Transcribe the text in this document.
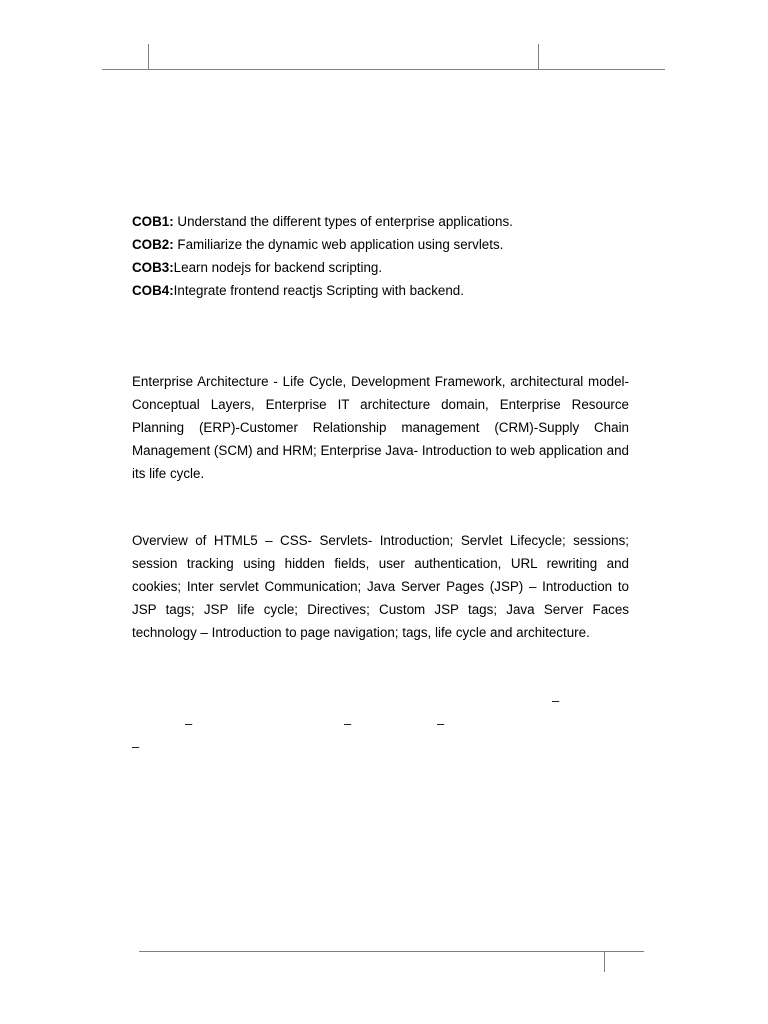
COB1: Understand the different types of enterprise applications.
COB2: Familiarize the dynamic web application using servlets.
COB3:Learn nodejs for backend scripting.
COB4:Integrate frontend reactjs Scripting with backend.
Enterprise Architecture - Life Cycle, Development Framework, architectural model- Conceptual Layers, Enterprise IT architecture domain, Enterprise Resource Planning (ERP)-Customer Relationship management (CRM)-Supply Chain Management (SCM) and HRM; Enterprise Java- Introduction to web application and its life cycle.
Overview of HTML5 – CSS- Servlets- Introduction; Servlet Lifecycle; sessions; session tracking using hidden fields, user authentication, URL rewriting and cookies; Inter servlet Communication; Java Server Pages (JSP) – Introduction to JSP tags; JSP life cycle; Directives; Custom JSP tags; Java Server Faces technology – Introduction to page navigation; tags, life cycle and architecture.
–
–	–	–
–
